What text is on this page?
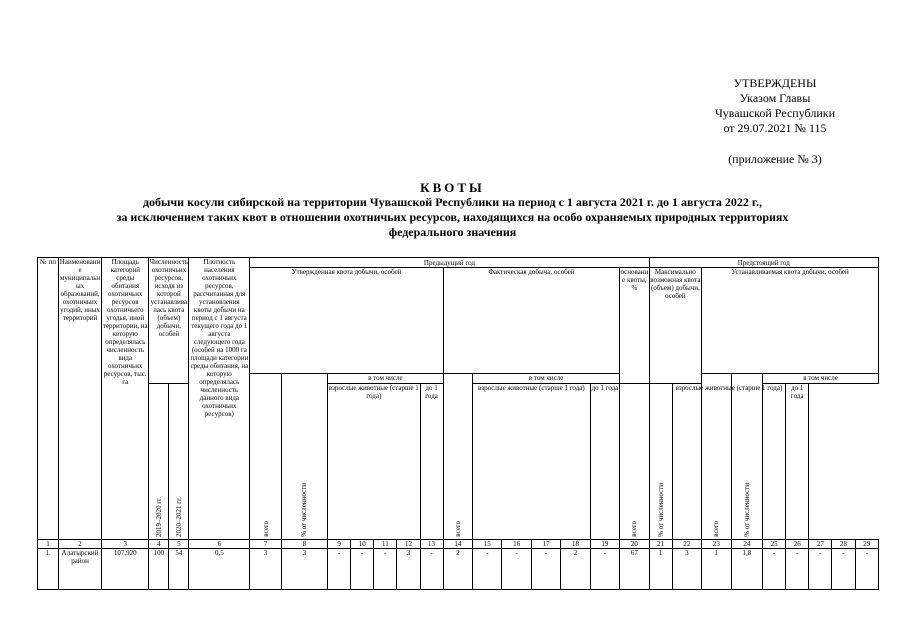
УТВЕРЖДЕНЫ
Указом Главы
Чувашской Республики
от 29.07.2021 № 115
(приложение № 3)
КВОТЫ
добычи косули сибирской на территории Чувашской Республики на период с 1 августа 2021 г. до 1 августа 2022 г.,
за исключением таких квот в отношении охотничьих ресурсов, находящихся на особо охраняемых природных территориях
федерального значения
№ пп	Наименование муниципальных образований, охотничьих угодий, иных территорий	Площадь категорий среды обитания охотничьих ресурсов охотничьего угодья, иной территории, на которую определялась численность вида охотничьих ресурсов, тыс. га	Численность охотничьих ресурсов, исходя из которой устанавливалась квота (объем) добычи, особей		Плотность населения охотничьих ресурсов, рассчитанная для установления квоты добычи на период с 1 августа текущего года до 1 августа следующего года (особей на 1000 га площади категории среды обитания, на которую определялась численность данного вида охотничьих ресурсов)	Предыдущий год														Предстоящий год								
						Утвержденная квота добычи, особей							Фактическая добыча, особей						основание квоты, %	Максимально возможная квота (объем) добычи, особей		Устанавливаемая квота добычи, особей						
						всего	% от численности	в том числе					всего	в том числе								всего	% от численности	в том числе				
			2019–2020 гг.	2020–2021 гг.				взрослые животные (старше 1 года)				до 1 года		взрослые животные (старше 1 года)				до 1 года	всего	% от численности	взрослые животные (старше 1 года)				до 1 года			
1	2	3	4	5	6	7	8	9	10	11	12	13	14	15	16	17	18	19	20	21	22	23	24	25	26	27	28	29
1.	Алатырский район	107,920	100	54	0,5	3	3	-	-	-	3	-	2	-	-	-	2	-	67	1	3	1	1,8	-	-	-	-	-
